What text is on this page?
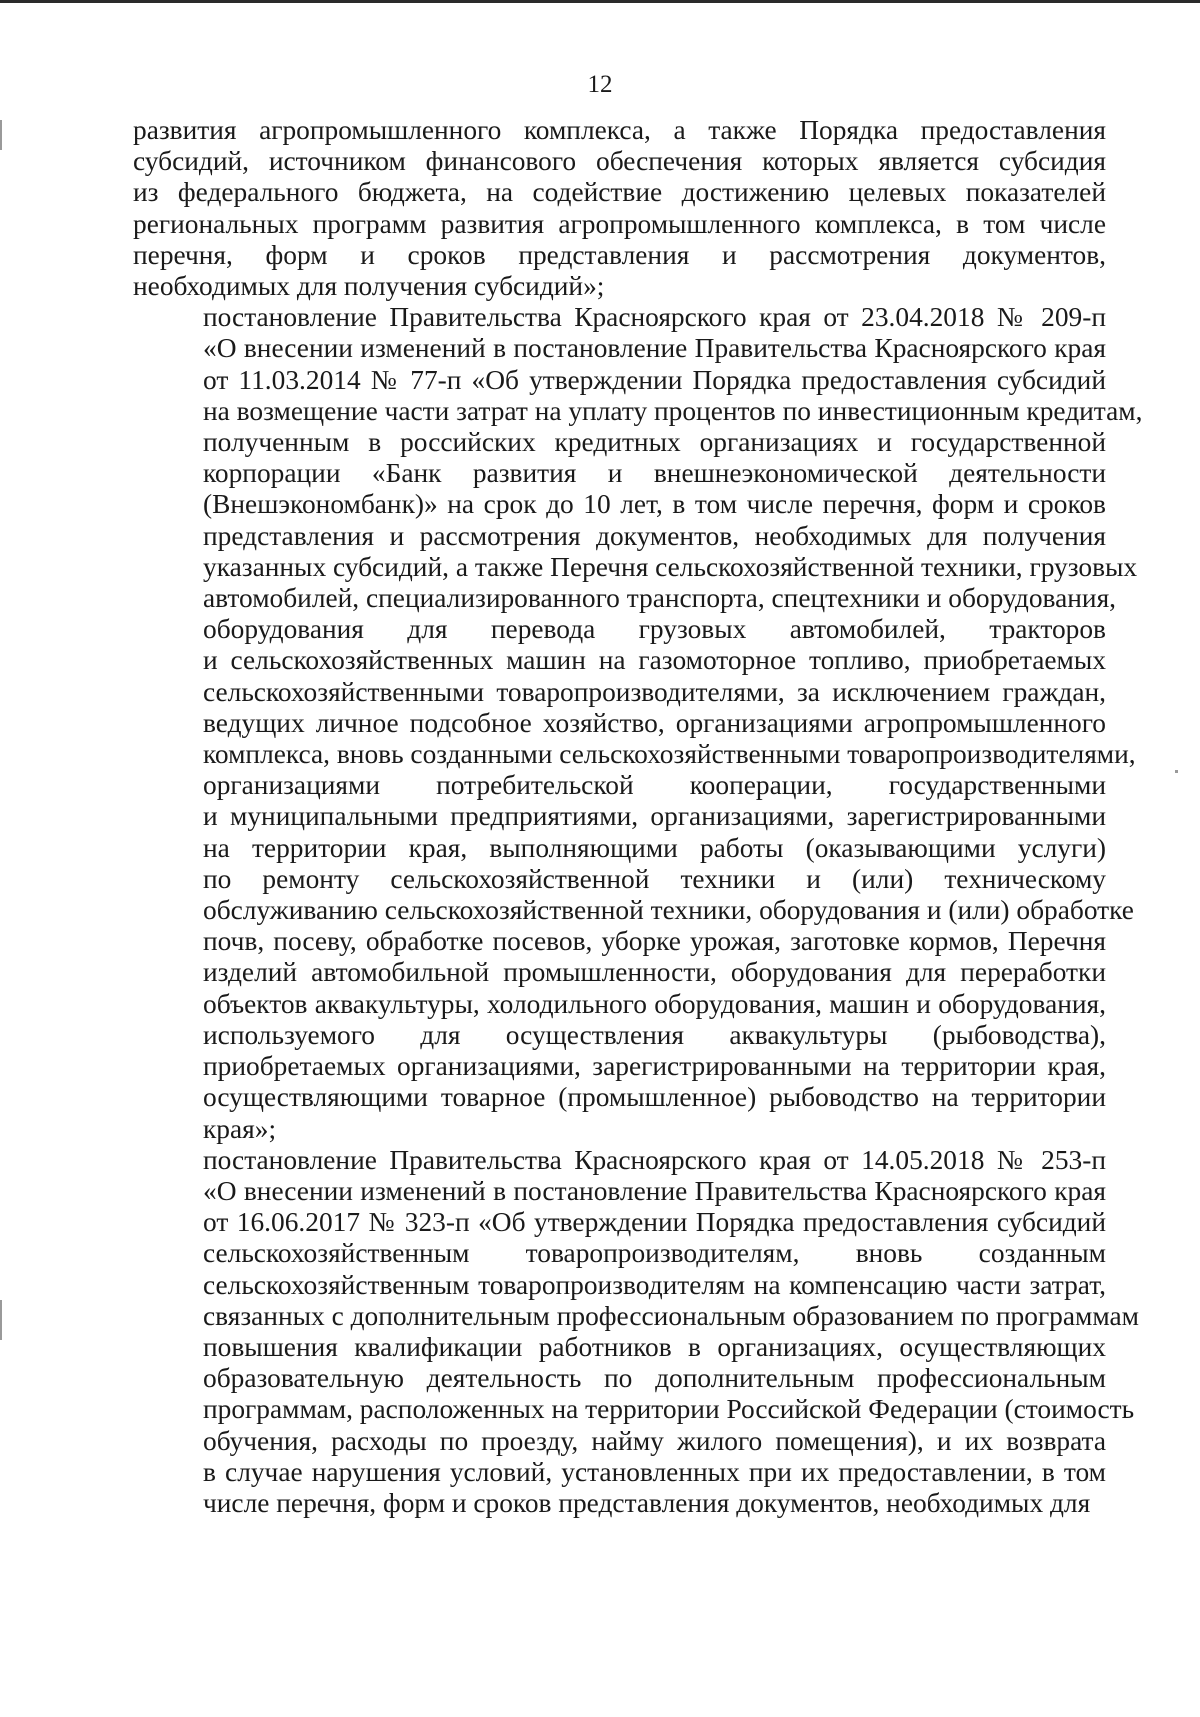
12

развития агропромышленного комплекса, а также Порядка предоставления
субсидий, источником финансового обеспечения которых является субсидия
из федерального бюджета, на содействие достижению целевых показателей
региональных программ развития агропромышленного комплекса, в том числе
перечня, форм и сроков представления и рассмотрения документов,
необходимых для получения субсидий»;

постановление Правительства Красноярского края от 23.04.2018 № 209-п
«О внесении изменений в постановление Правительства Красноярского края
от 11.03.2014 № 77-п «Об утверждении Порядка предоставления субсидий
на возмещение части затрат на уплату процентов по инвестиционным кредитам,
полученным в российских кредитных организациях и государственной
корпорации «Банк развития и внешнеэкономической деятельности
(Внешэкономбанк)» на срок до 10 лет, в том числе перечня, форм и сроков
представления и рассмотрения документов, необходимых для получения
указанных субсидий, а также Перечня сельскохозяйственной техники, грузовых
автомобилей, специализированного транспорта, спецтехники и оборудования,
оборудования для перевода грузовых автомобилей, тракторов
и сельскохозяйственных машин на газомоторное топливо, приобретаемых
сельскохозяйственными товаропроизводителями, за исключением граждан,
ведущих личное подсобное хозяйство, организациями агропромышленного
комплекса, вновь созданными сельскохозяйственными товаропроизводителями,
организациями потребительской кооперации, государственными
и муниципальными предприятиями, организациями, зарегистрированными
на территории края, выполняющими работы (оказывающими услуги)
по ремонту сельскохозяйственной техники и (или) техническому
обслуживанию сельскохозяйственной техники, оборудования и (или) обработке
почв, посеву, обработке посевов, уборке урожая, заготовке кормов, Перечня
изделий автомобильной промышленности, оборудования для переработки
объектов аквакультуры, холодильного оборудования, машин и оборудования,
используемого для осуществления аквакультуры (рыбоводства),
приобретаемых организациями, зарегистрированными на территории края,
осуществляющими товарное (промышленное) рыбоводство на территории
края»;

постановление Правительства Красноярского края от 14.05.2018 № 253-п
«О внесении изменений в постановление Правительства Красноярского края
от 16.06.2017 № 323-п «Об утверждении Порядка предоставления субсидий
сельскохозяйственным товаропроизводителям, вновь созданным
сельскохозяйственным товаропроизводителям на компенсацию части затрат,
связанных с дополнительным профессиональным образованием по программам
повышения квалификации работников в организациях, осуществляющих
образовательную деятельность по дополнительным профессиональным
программам, расположенных на территории Российской Федерации (стоимость
обучения, расходы по проезду, найму жилого помещения), и их возврата
в случае нарушения условий, установленных при их предоставлении, в том
числе перечня, форм и сроков представления документов, необходимых для
